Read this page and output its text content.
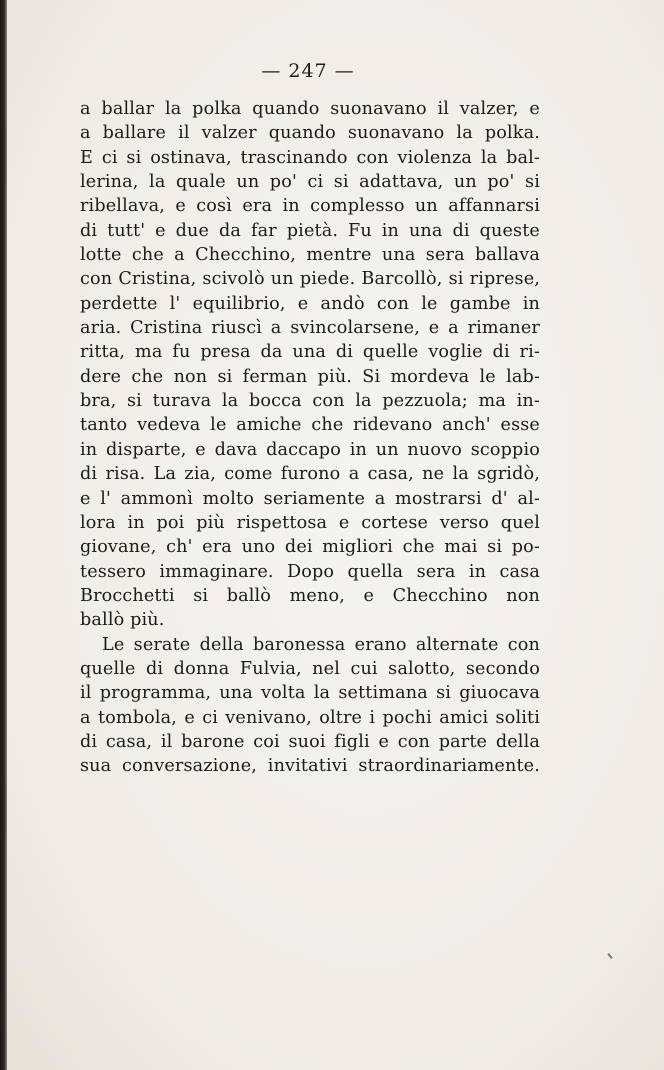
— 247 —
a ballar la polka quando suonavano il valzer, e
a ballare il valzer quando suonavano la polka.
E ci si ostinava, trascinando con violenza la bal-
lerina, la quale un po' ci si adattava, un po' si
ribellava, e così era in complesso un affannarsi
di tutt' e due da far pietà. Fu in una di queste
lotte che a Checchino, mentre una sera ballava
con Cristina, scivolò un piede. Barcollò, si riprese,
perdette l' equilibrio, e andò con le gambe in
aria. Cristina riuscì a svincolarsene, e a rimaner
ritta, ma fu presa da una di quelle voglie di ri-
dere che non si ferman più. Si mordeva le lab-
bra, si turava la bocca con la pezzuola; ma in-
tanto vedeva le amiche che ridevano anch' esse
in disparte, e dava daccapo in un nuovo scoppio
di risa. La zia, come furono a casa, ne la sgridò,
e l' ammonì molto seriamente a mostrarsi d' al-
lora in poi più rispettosa e cortese verso quel
giovane, ch' era uno dei migliori che mai si po-
tessero immaginare. Dopo quella sera in casa
Brocchetti si ballò meno, e Checchino non
ballò più.
Le serate della baronessa erano alternate con
quelle di donna Fulvia, nel cui salotto, secondo
il programma, una volta la settimana si giuocava
a tombola, e ci venivano, oltre i pochi amici soliti
di casa, il barone coi suoi figli e con parte della
sua conversazione, invitativi straordinariamente.
